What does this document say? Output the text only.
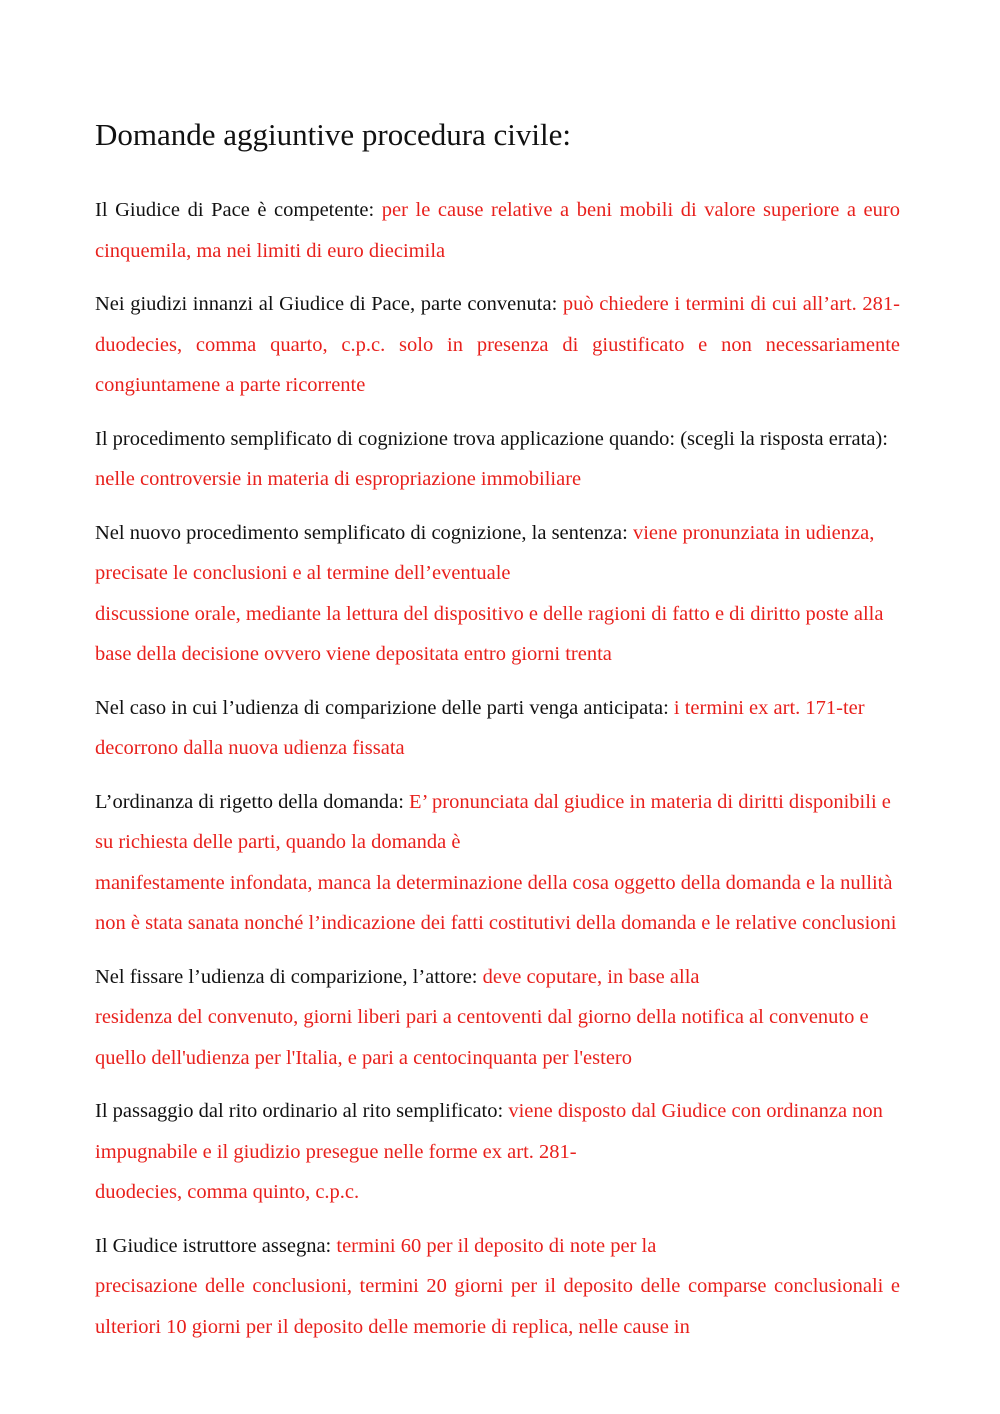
Domande aggiuntive procedura civile:

Il Giudice di Pace è competente: per le cause relative a beni mobili di valore superiore a euro cinquemila, ma nei limiti di euro diecimila

Nei giudizi innanzi al Giudice di Pace, parte convenuta: può chiedere i termini di cui all’art. 281-duodecies, comma quarto, c.p.c. solo in presenza di giustificato e non necessariamente congiuntamene a parte ricorrente

Il procedimento semplificato di cognizione trova applicazione quando: (scegli la risposta errata): nelle controversie in materia di espropriazione immobiliare

Nel nuovo procedimento semplificato di cognizione, la sentenza: viene pronunziata in udienza, precisate le conclusioni e al termine dell’eventuale
discussione orale, mediante la lettura del dispositivo e delle ragioni di fatto e di diritto poste alla base della decisione ovvero viene depositata entro giorni trenta

Nel caso in cui l’udienza di comparizione delle parti venga anticipata: i termini ex art. 171-ter decorrono dalla nuova udienza fissata

L’ordinanza di rigetto della domanda: E’ pronunciata dal giudice in materia di diritti disponibili e su richiesta delle parti, quando la domanda è
manifestamente infondata, manca la determinazione della cosa oggetto della domanda e la nullità non è stata sanata nonché l’indicazione dei fatti costitutivi della domanda e le relative conclusioni

Nel fissare l’udienza di comparizione, l’attore: deve coputare, in base alla
residenza del convenuto, giorni liberi pari a centoventi dal giorno della notifica al convenuto e quello dell'udienza per l'Italia, e pari a centocinquanta per l'estero

Il passaggio dal rito ordinario al rito semplificato: viene disposto dal Giudice con ordinanza non impugnabile e il giudizio presegue nelle forme ex art. 281-
duodecies, comma quinto, c.p.c.

Il Giudice istruttore assegna: termini 60 per il deposito di note per la
precisazione delle conclusioni, termini 20 giorni per il deposito delle comparse conclusionali e ulteriori 10 giorni per il deposito delle memorie di replica, nelle cause in
